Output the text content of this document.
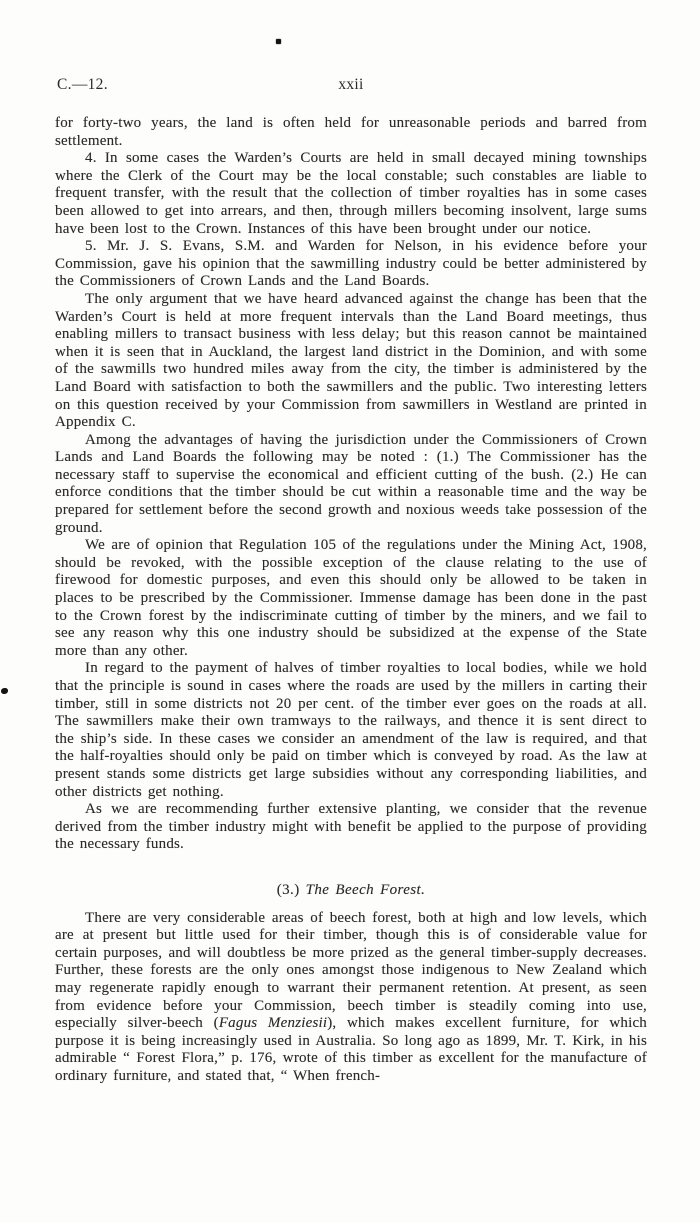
C.—12.	xxii

for forty-two years, the land is often held for unreasonable periods and barred from settlement.

4. In some cases the Warden’s Courts are held in small decayed mining townships where the Clerk of the Court may be the local constable; such constables are liable to frequent transfer, with the result that the collection of timber royalties has in some cases been allowed to get into arrears, and then, through millers becoming insolvent, large sums have been lost to the Crown. Instances of this have been brought under our notice.

5. Mr. J. S. Evans, S.M. and Warden for Nelson, in his evidence before your Commission, gave his opinion that the sawmilling industry could be better administered by the Commissioners of Crown Lands and the Land Boards.

The only argument that we have heard advanced against the change has been that the Warden’s Court is held at more frequent intervals than the Land Board meetings, thus enabling millers to transact business with less delay; but this reason cannot be maintained when it is seen that in Auckland, the largest land district in the Dominion, and with some of the sawmills two hundred miles away from the city, the timber is administered by the Land Board with satisfaction to both the sawmillers and the public. Two interesting letters on this question received by your Commission from sawmillers in Westland are printed in Appendix C.

Among the advantages of having the jurisdiction under the Commissioners of Crown Lands and Land Boards the following may be noted : (1.) The Commissioner has the necessary staff to supervise the economical and efficient cutting of the bush. (2.) He can enforce conditions that the timber should be cut within a reasonable time and the way be prepared for settlement before the second growth and noxious weeds take possession of the ground.

We are of opinion that Regulation 105 of the regulations under the Mining Act, 1908, should be revoked, with the possible exception of the clause relating to the use of firewood for domestic purposes, and even this should only be allowed to be taken in places to be prescribed by the Commissioner. Immense damage has been done in the past to the Crown forest by the indiscriminate cutting of timber by the miners, and we fail to see any reason why this one industry should be subsidized at the expense of the State more than any other.

In regard to the payment of halves of timber royalties to local bodies, while we hold that the principle is sound in cases where the roads are used by the millers in carting their timber, still in some districts not 20 per cent. of the timber ever goes on the roads at all. The sawmillers make their own tramways to the railways, and thence it is sent direct to the ship’s side. In these cases we consider an amendment of the law is required, and that the half-royalties should only be paid on timber which is conveyed by road. As the law at present stands some districts get large subsidies without any corresponding liabilities, and other districts get nothing.

As we are recommending further extensive planting, we consider that the revenue derived from the timber industry might with benefit be applied to the purpose of providing the necessary funds.

(3.) The Beech Forest.

There are very considerable areas of beech forest, both at high and low levels, which are at present but little used for their timber, though this is of considerable value for certain purposes, and will doubtless be more prized as the general timber-supply decreases. Further, these forests are the only ones amongst those indigenous to New Zealand which may regenerate rapidly enough to warrant their permanent retention. At present, as seen from evidence before your Commission, beech timber is steadily coming into use, especially silver-beech (Fagus Menziesii), which makes excellent furniture, for which purpose it is being increasingly used in Australia. So long ago as 1899, Mr. T. Kirk, in his admirable “ Forest Flora,” p. 176, wrote of this timber as excellent for the manufacture of ordinary furniture, and stated that, “ When french-
